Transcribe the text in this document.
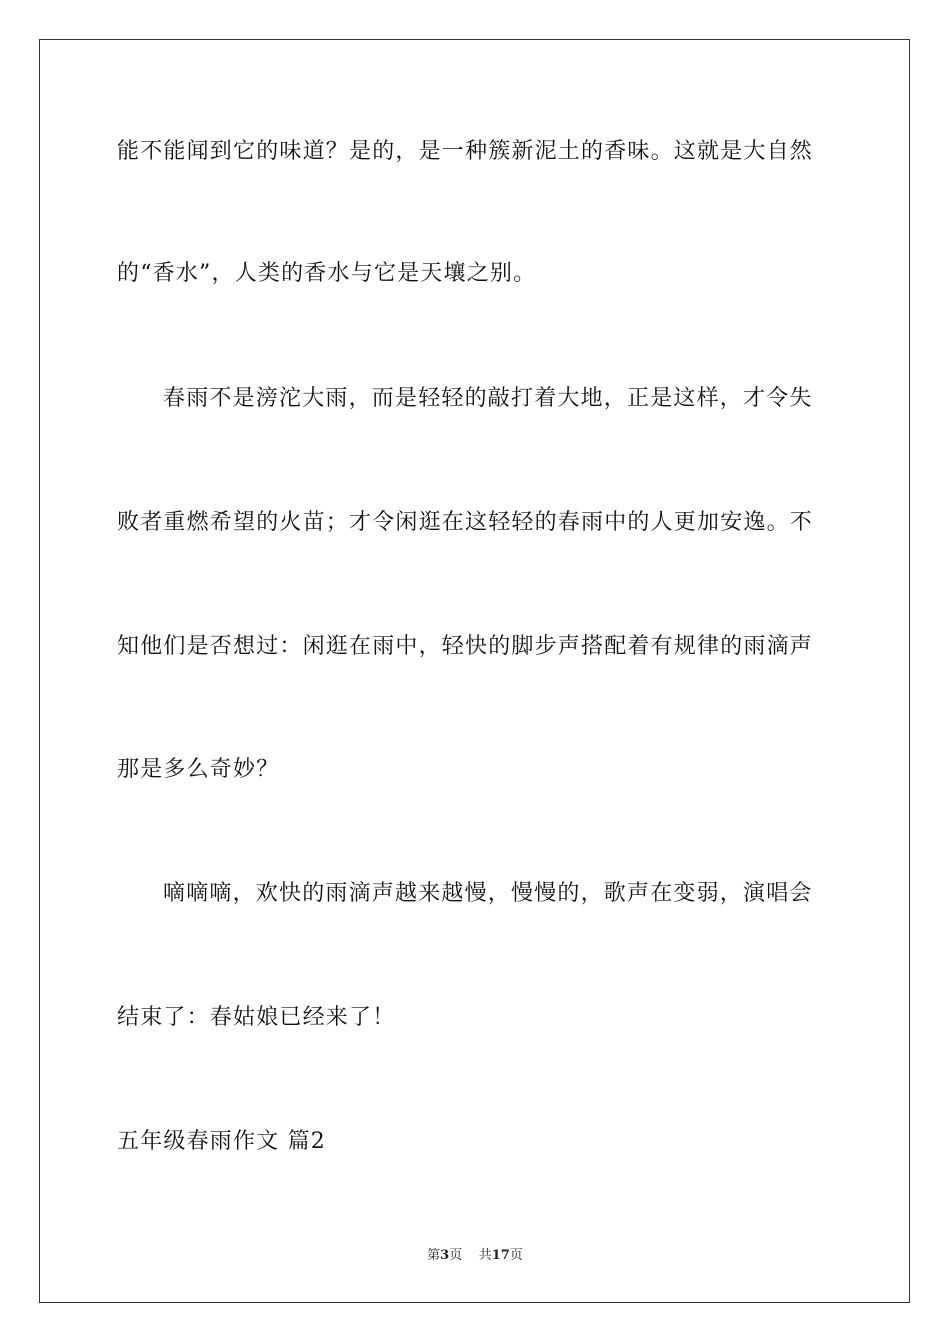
能不能闻到它的味道？是的，是一种簇新泥土的香味。这就是大自然
的“香水”，人类的香水与它是天壤之别。
春雨不是滂沱大雨，而是轻轻的敲打着大地，正是这样，才令失
败者重燃希望的火苗；才令闲逛在这轻轻的春雨中的人更加安逸。不
知他们是否想过：闲逛在雨中，轻快的脚步声搭配着有规律的雨滴声
那是多么奇妙？
嘀嘀嘀，欢快的雨滴声越来越慢，慢慢的，歌声在变弱，演唱会
结束了：春姑娘已经来了！
五年级春雨作文 篇2
第3页 共17页
